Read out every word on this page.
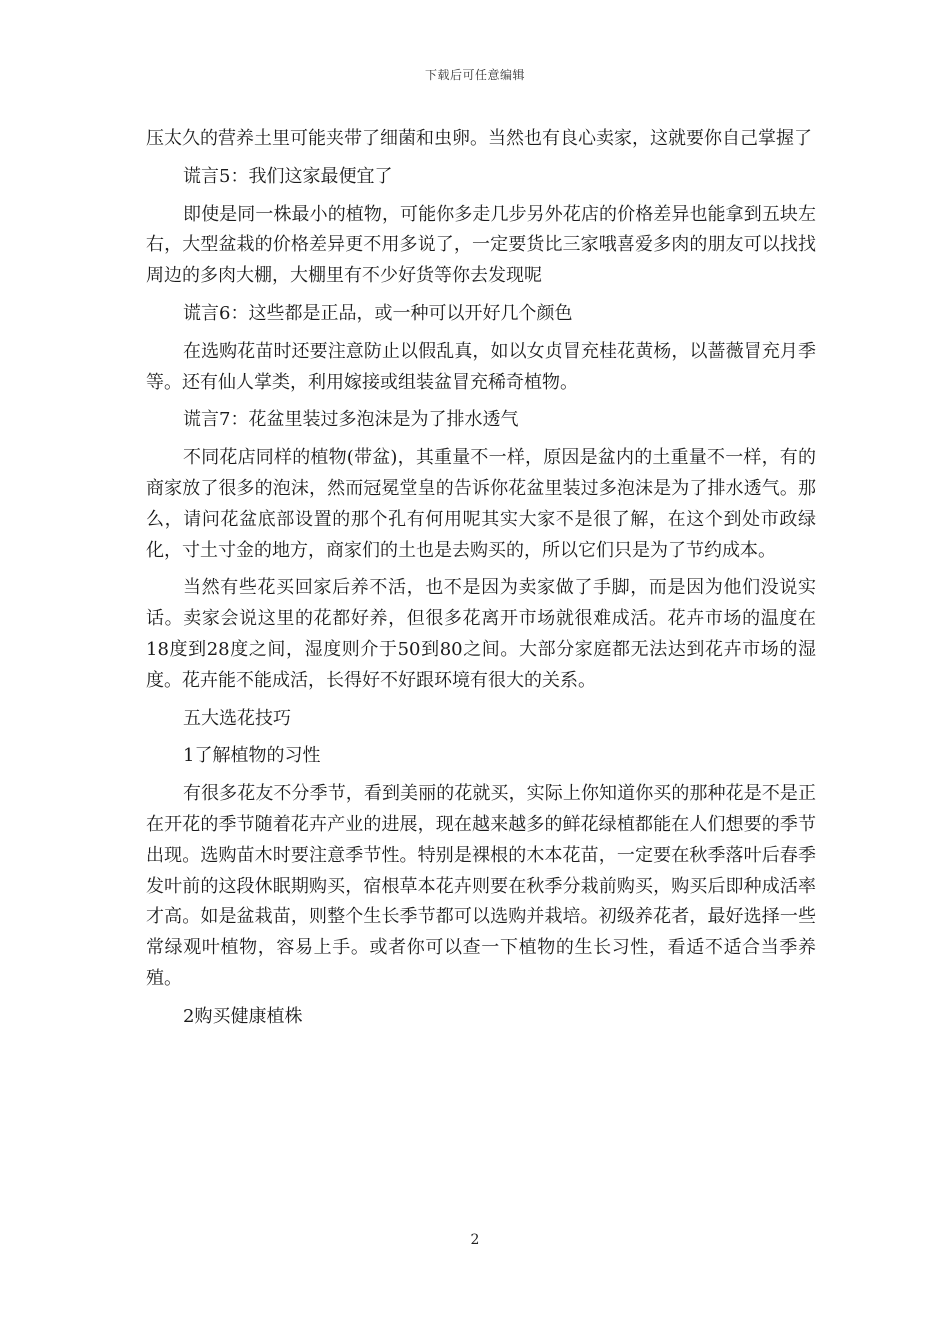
下载后可任意编辑

压太久的营养土里可能夹带了细菌和虫卵。当然也有良心卖家，这就要你自己掌握了

谎言5：我们这家最便宜了

即使是同一株最小的植物，可能你多走几步另外花店的价格差异也能拿到五块左右，大型盆栽的价格差异更不用多说了，一定要货比三家哦喜爱多肉的朋友可以找找周边的多肉大棚，大棚里有不少好货等你去发现呢

谎言6：这些都是正品，或一种可以开好几个颜色

在选购花苗时还要注意防止以假乱真，如以女贞冒充桂花黄杨，以蔷薇冒充月季等。还有仙人掌类，利用嫁接或组装盆冒充稀奇植物。

谎言7：花盆里装过多泡沫是为了排水透气

不同花店同样的植物(带盆)，其重量不一样，原因是盆内的土重量不一样，有的商家放了很多的泡沫，然而冠冕堂皇的告诉你花盆里装过多泡沫是为了排水透气。那么，请问花盆底部设置的那个孔有何用呢其实大家不是很了解，在这个到处市政绿化，寸土寸金的地方，商家们的土也是去购买的，所以它们只是为了节约成本。

当然有些花买回家后养不活，也不是因为卖家做了手脚，而是因为他们没说实话。卖家会说这里的花都好养，但很多花离开市场就很难成活。花卉市场的温度在18度到28度之间，湿度则介于50到80之间。大部分家庭都无法达到花卉市场的湿度。花卉能不能成活，长得好不好跟环境有很大的关系。

五大选花技巧

1了解植物的习性

有很多花友不分季节，看到美丽的花就买，实际上你知道你买的那种花是不是正在开花的季节随着花卉产业的进展，现在越来越多的鲜花绿植都能在人们想要的季节出现。选购苗木时要注意季节性。特别是裸根的木本花苗，一定要在秋季落叶后春季发叶前的这段休眠期购买，宿根草本花卉则要在秋季分栽前购买，购买后即种成活率才高。如是盆栽苗，则整个生长季节都可以选购并栽培。初级养花者，最好选择一些常绿观叶植物，容易上手。或者你可以查一下植物的生长习性，看适不适合当季养殖。

2购买健康植株

2
